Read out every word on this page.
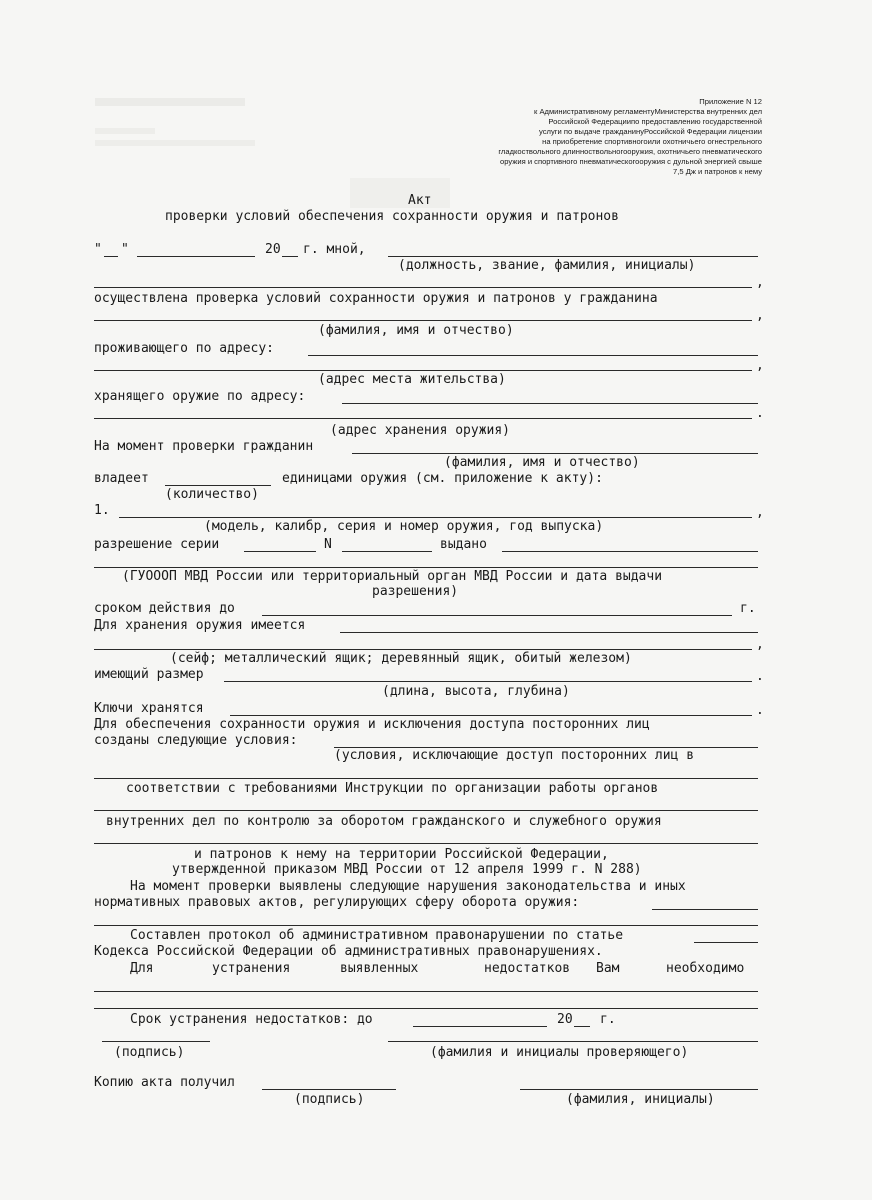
Приложение N 12
к Административному регламентуМинистерства внутренних дел
Российской Федерациипо предоставлению государственной
услуги по выдаче гражданинуРоссийской Федерации лицензии
на приобретение спортивногоили охотничьего огнестрельного
гладкоствольного длинноствольногооружия, охотничьего пневматического
оружия и спортивного пневматическогооружия с дульной энергией свыше
7,5 Дж и патронов к нему
Акт
проверки условий обеспечения сохранности оружия и патронов
" "	20 г. мной,
(должность, звание, фамилия, инициалы)
,
осуществлена проверка условий сохранности оружия и патронов у гражданина
,
(фамилия, имя и отчество)
проживающего по адресу:
,
(адрес места жительства)
хранящего оружие по адресу:
.
(адрес хранения оружия)
На момент проверки гражданин
(фамилия, имя и отчество)
владеет	единицами оружия (см. приложение к акту):
(количество)
1.	,
(модель, калибр, серия и номер оружия, год выпуска)
разрешение серии	N	выдано
(ГУОООП МВД России или территориальный орган МВД России и дата выдачи
разрешения)
сроком действия до	г.
Для хранения оружия имеется
,
(сейф; металлический ящик; деревянный ящик, обитый железом)
имеющий размер	.
(длина, высота, глубина)
Ключи хранятся	.
Для обеспечения сохранности оружия и исключения доступа посторонних лиц
созданы следующие условия:
(условия, исключающие доступ посторонних лиц в
соответствии с требованиями Инструкции по организации работы органов
внутренних дел по контролю за оборотом гражданского и служебного оружия
и патронов к нему на территории Российской Федерации,
утвержденной приказом МВД России от 12 апреля 1999 г. N 288)
На момент проверки выявлены следующие нарушения законодательства и иных
нормативных правовых актов, регулирующих сферу оборота оружия:
Составлен протокол об административном правонарушении по статье
Кодекса Российской Федерации об административных правонарушениях.
Для	устранения	выявленных	недостатков Вам	необходимо
Срок устранения недостатков: до	20 г.
(подпись)	(фамилия и инициалы проверяющего)
Копию акта получил
(подпись)	(фамилия, инициалы)
